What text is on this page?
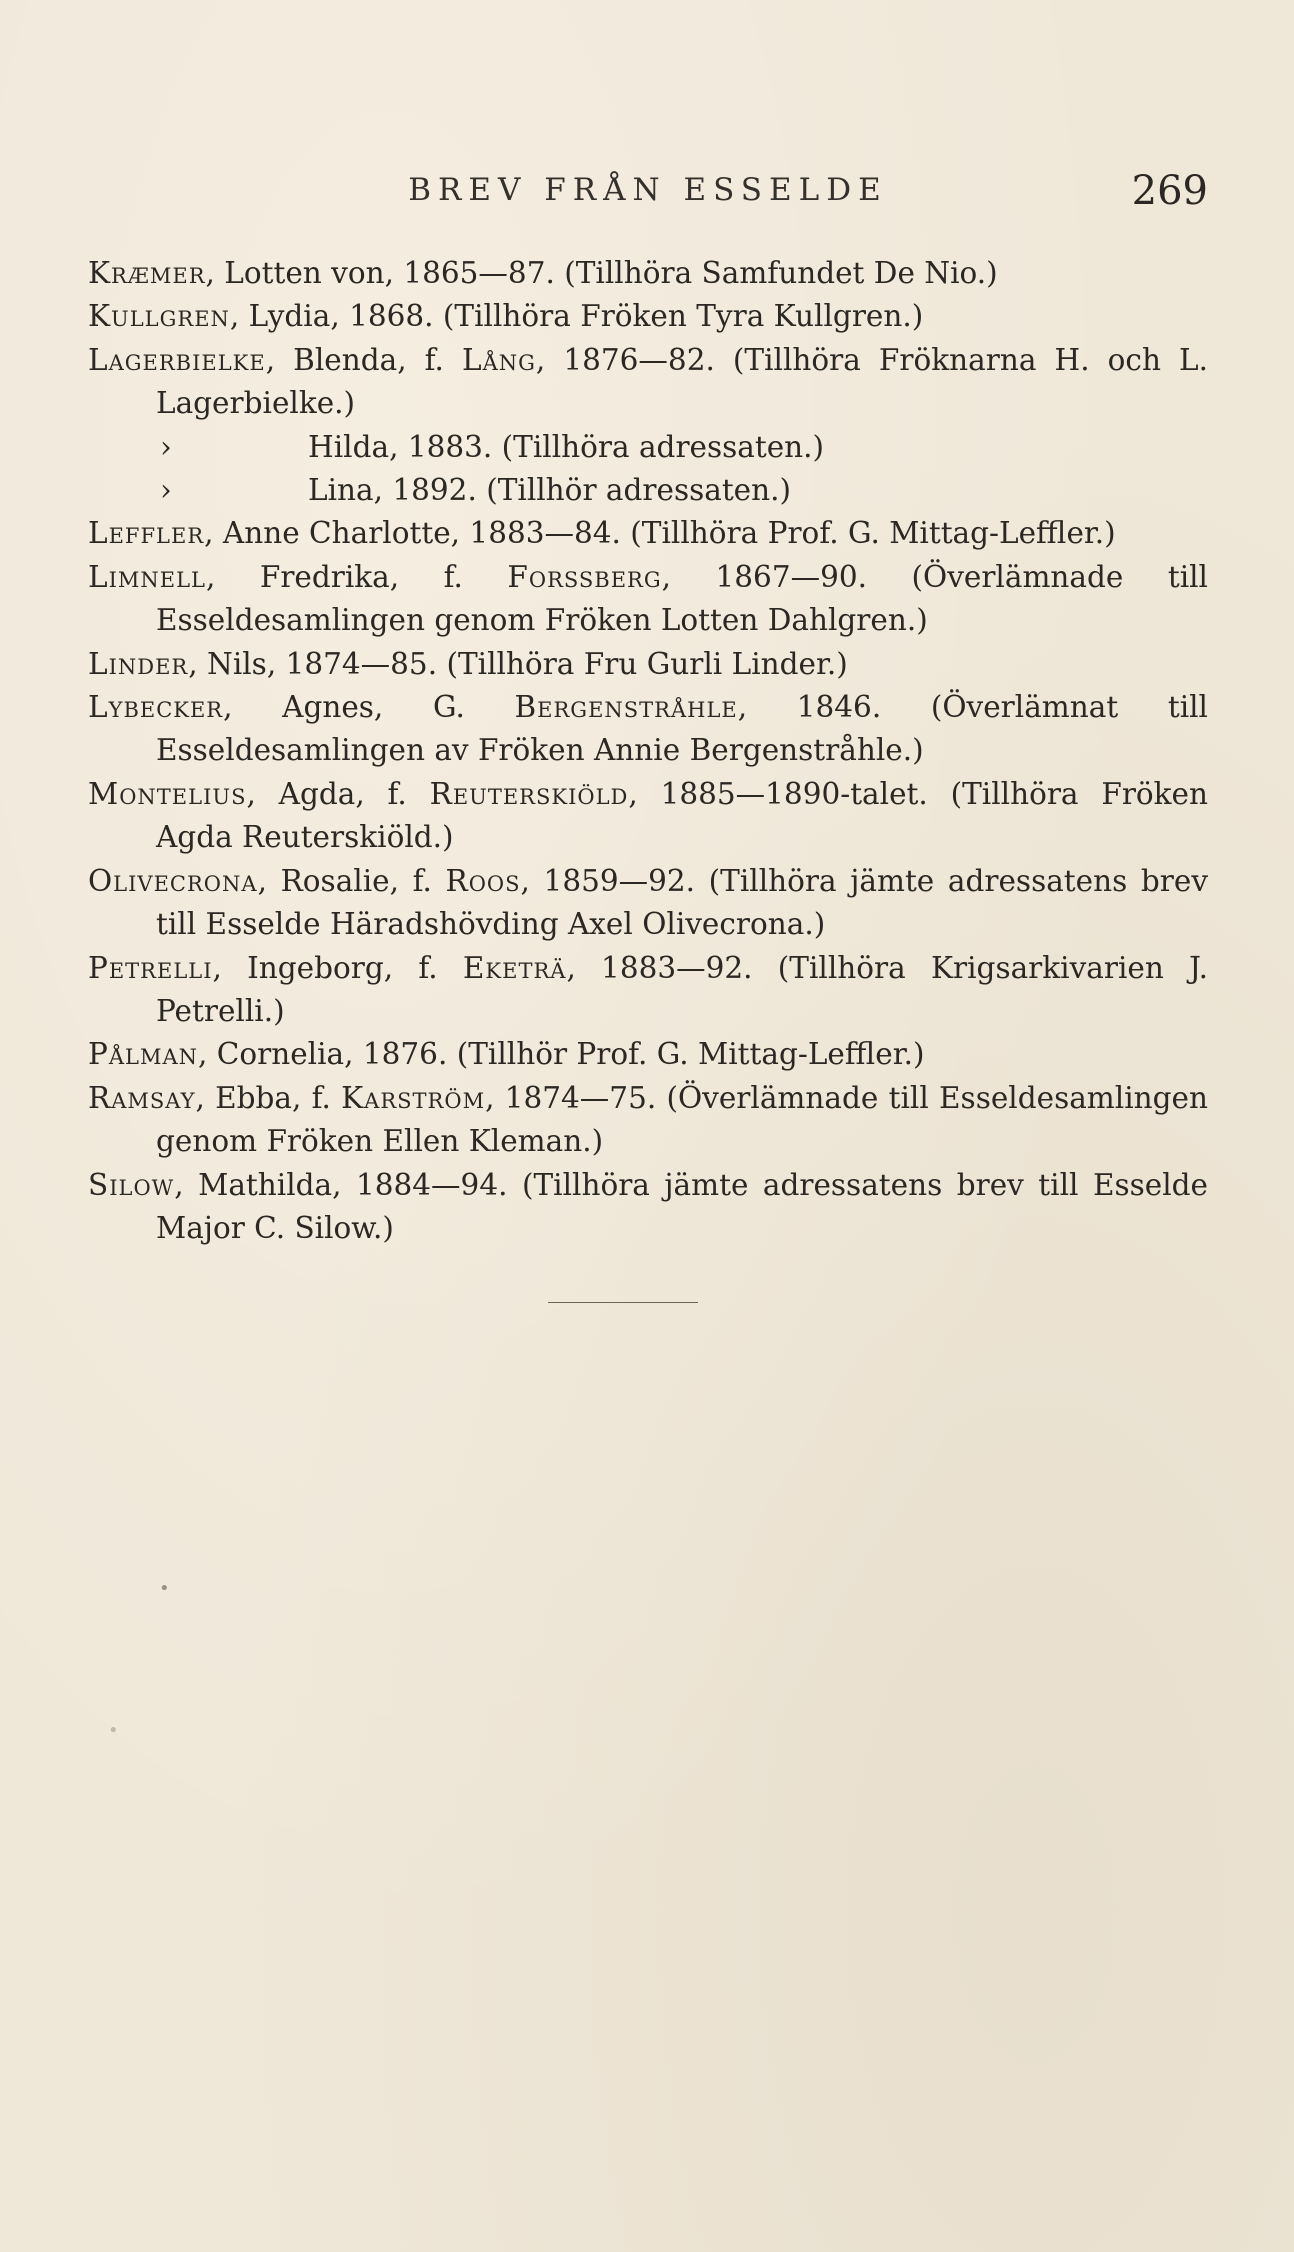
BREV FRÅN ESSELDE	269
Kræmer, Lotten von, 1865—87. (Tillhöra Samfundet De Nio.)
Kullgren, Lydia, 1868. (Tillhöra Fröken Tyra Kullgren.)
Lagerbielke, Blenda, f. Lång, 1876—82. (Tillhöra Fröknarna H. och L. Lagerbielke.)
›	Hilda, 1883. (Tillhöra adressaten.)
›	Lina, 1892. (Tillhör adressaten.)
Leffler, Anne Charlotte, 1883—84. (Tillhöra Prof. G. Mittag-Leffler.)
Limnell, Fredrika, f. Forssberg, 1867—90. (Överlämnade till Esseldesamlingen genom Fröken Lotten Dahlgren.)
Linder, Nils, 1874—85. (Tillhöra Fru Gurli Linder.)
Lybecker, Agnes, G. Bergenstråhle, 1846. (Överlämnat till Esseldesamlingen av Fröken Annie Bergenstråhle.)
Montelius, Agda, f. Reuterskiöld, 1885—1890-talet. (Tillhöra Fröken Agda Reuterskiöld.)
Olivecrona, Rosalie, f. Roos, 1859—92. (Tillhöra jämte adressatens brev till Esselde Häradshövding Axel Olivecrona.)
Petrelli, Ingeborg, f. Eketrä, 1883—92. (Tillhöra Krigsarkivarien J. Petrelli.)
Pålman, Cornelia, 1876. (Tillhör Prof. G. Mittag-Leffler.)
Ramsay, Ebba, f. Karström, 1874—75. (Överlämnade till Esseldesamlingen genom Fröken Ellen Kleman.)
Silow, Mathilda, 1884—94. (Tillhöra jämte adressatens brev till Esselde Major C. Silow.)
•
•
